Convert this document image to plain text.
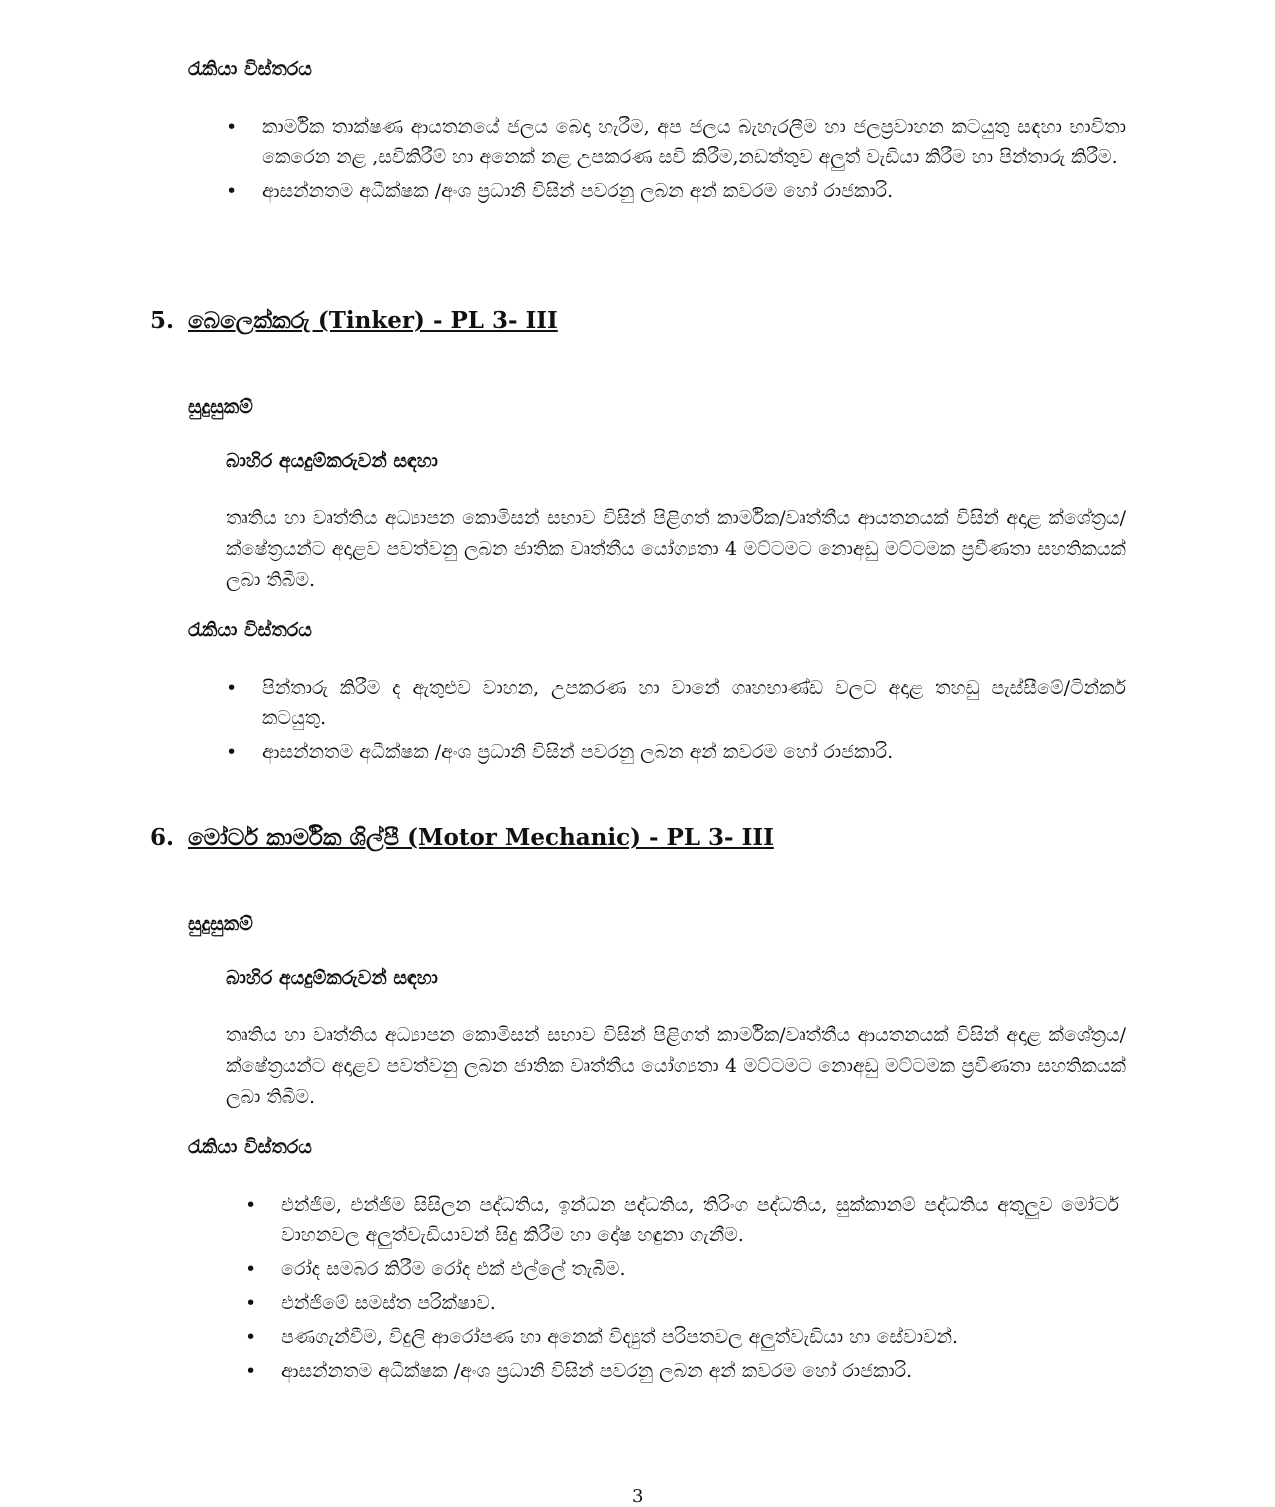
රැකියා විස්තරය
• කාර්මික තාක්ෂණ ආයතනයේ ජලය බෙදා හැරීම, අප ජලය බැහැරලීම හා ජලප්‍රවාහන කටයුතු සඳහා භාවිතා කෙරෙන නළ ,සවිකිරීම් හා අනෙක් නළ උපකරණ සවි කිරීම,නඩත්තුව අලුත් වැඩියා කිරීම හා පින්තාරු කිරීම.
• ආසන්නතම අධීක්ෂක /අංශ ප්‍රධානි විසින් පවරනු ලබන අන් කවරම හෝ රාජකාරි.
5. බෙලෙක්කරු (Tinker) - PL 3- III
සුදුසුකම්
බාහිර අයදුම්කරුවන් සඳහා

තෘතිය හා වෘත්තිය අධ්‍යාපන කොමිසන් සභාව විසින් පිළිගත් කාර්මික/වෘත්තීය ආයතනයක් විසින් අදාළ ක්ශේත්‍රය/ක්ෂේත්‍රයන්ට අදාළව පවත්වනු ලබන ජාතික වෘත්තීය යෝග්‍යතා 4 මට්ටමට නොඅඩු මට්ටමක ප්‍රවීණතා සහතිකයක් ලබා තිබීම.

රැකියා විස්තරය
• පින්තාරු කිරීම ද ඇතුළුව වාහන, උපකරණ හා වානේ ගෘහභාණ්ඩ වලට අදාළ තහඩු පැස්සීමේ/ටින්කර් කටයුතු.
• ආසන්නතම අධීක්ෂක /අංශ ප්‍රධානි විසින් පවරනු ලබන අන් කවරම හෝ රාජකාරි.
6. මෝටර් කාර්මික ශිල්පී (Motor Mechanic) - PL 3- III
සුදුසුකම්
බාහිර අයදුම්කරුවන් සඳහා

තෘතිය හා වෘත්තිය අධ්‍යාපන කොමිසන් සභාව විසින් පිළිගත් කාර්මික/වෘත්තීය ආයතනයක් විසින් අදාළ ක්ශේත්‍රය/ක්ෂේත්‍රයන්ට අදාළව පවත්වනු ලබන ජාතික වෘත්තීය යෝග්‍යතා 4 මට්ටමට නොඅඩු මට්ටමක ප්‍රවීණතා සහතිකයක් ලබා තිබීම.

රැකියා විස්තරය
• එන්ජිම, එන්ජිම සිසිලන පද්ධතිය, ඉන්ධන පද්ධතිය, තිරිංග පද්ධතිය, සුක්කානම් පද්ධතිය අතුලුව මෝටර් වාහනවල අලුත්වැඩියාවන් සිදු කිරීම හා දෝෂ හඳුනා ගැනීම.
• රෝද සමබර කිරීම රෝද එක් එල්ලේ තැබීම.
• එන්ජිමේ සමස්ත පරික්ෂාව.
• පණගැන්වීම, විදුලි ආරෝපණ හා අනෙක් විද්‍යුත් පරිපතවල අලුත්වැඩියා හා සේවාවන්.
• ආසන්නතම අධීක්ෂක /අංශ ප්‍රධානි විසින් පවරනු ලබන අන් කවරම හෝ රාජකාරි.
3
